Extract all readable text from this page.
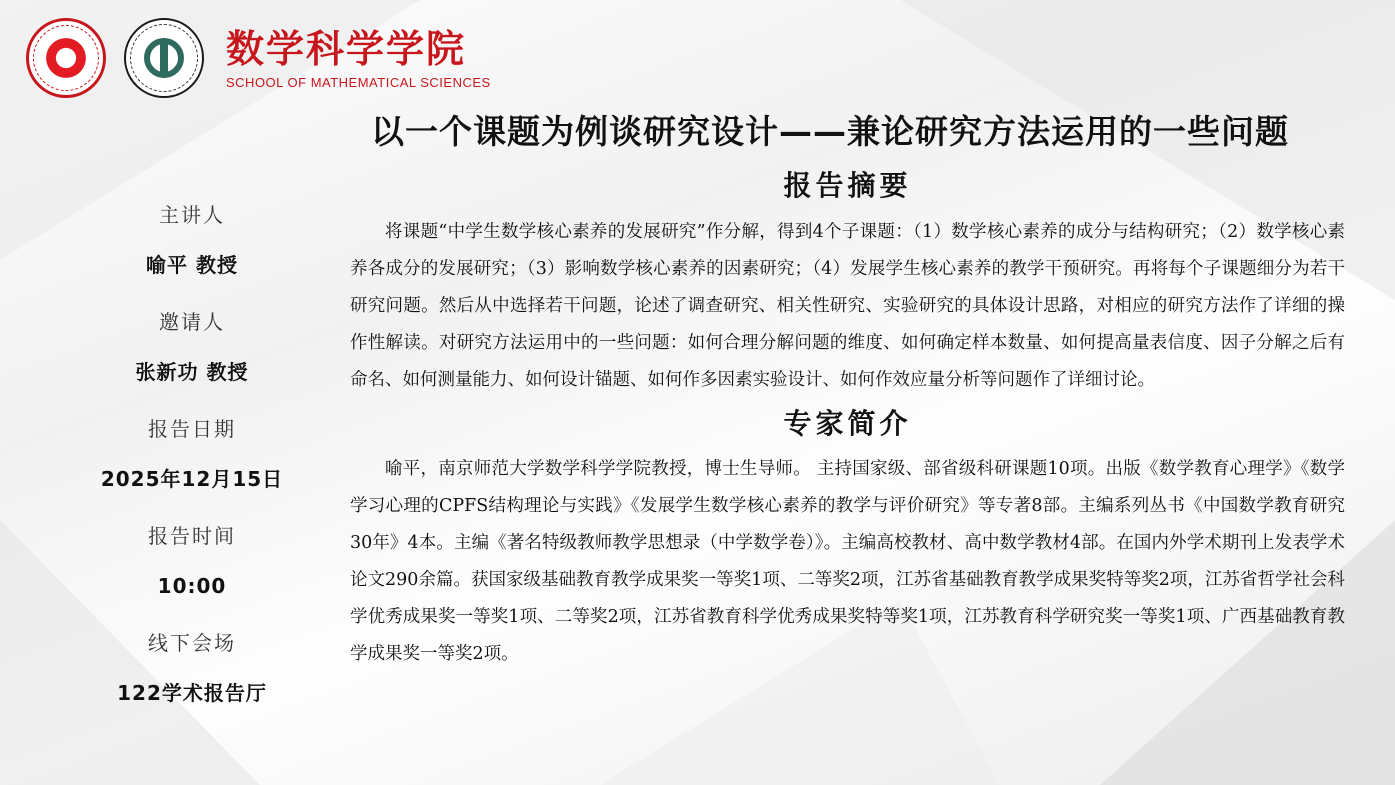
数学科学学院
SCHOOL OF MATHEMATICAL SCIENCES
以一个课题为例谈研究设计——兼论研究方法运用的一些问题
主讲人
喻平 教授
邀请人
张新功 教授
报告日期
2025年12月15日
报告时间
10:00
线下会场
122学术报告厅
报告摘要
将课题“中学生数学核心素养的发展研究”作分解，得到4个子课题：（1）数学核心素养的成分与结构研究；（2）数学核心素养各成分的发展研究；（3）影响数学核心素养的因素研究；（4）发展学生核心素养的教学干预研究。再将每个子课题细分为若干研究问题。然后从中选择若干问题，论述了调查研究、相关性研究、实验研究的具体设计思路，对相应的研究方法作了详细的操作性解读。对研究方法运用中的一些问题：如何合理分解问题的维度、如何确定样本数量、如何提高量表信度、因子分解之后有命名、如何测量能力、如何设计锚题、如何作多因素实验设计、如何作效应量分析等问题作了详细讨论。
专家简介
喻平，南京师范大学数学科学学院教授，博士生导师。 主持国家级、部省级科研课题10项。出版《数学教育心理学》《数学学习心理的CPFS结构理论与实践》《发展学生数学核心素养的教学与评价研究》等专著8部。主编系列丛书《中国数学教育研究30年》4本。主编《著名特级教师教学思想录（中学数学卷）》。主编高校教材、高中数学教材4部。在国内外学术期刊上发表学术论文290余篇。获国家级基础教育教学成果奖一等奖1项、二等奖2项，江苏省基础教育教学成果奖特等奖2项，江苏省哲学社会科学优秀成果奖一等奖1项、二等奖2项，江苏省教育科学优秀成果奖特等奖1项，江苏教育科学研究奖一等奖1项、广西基础教育教学成果奖一等奖2项。
